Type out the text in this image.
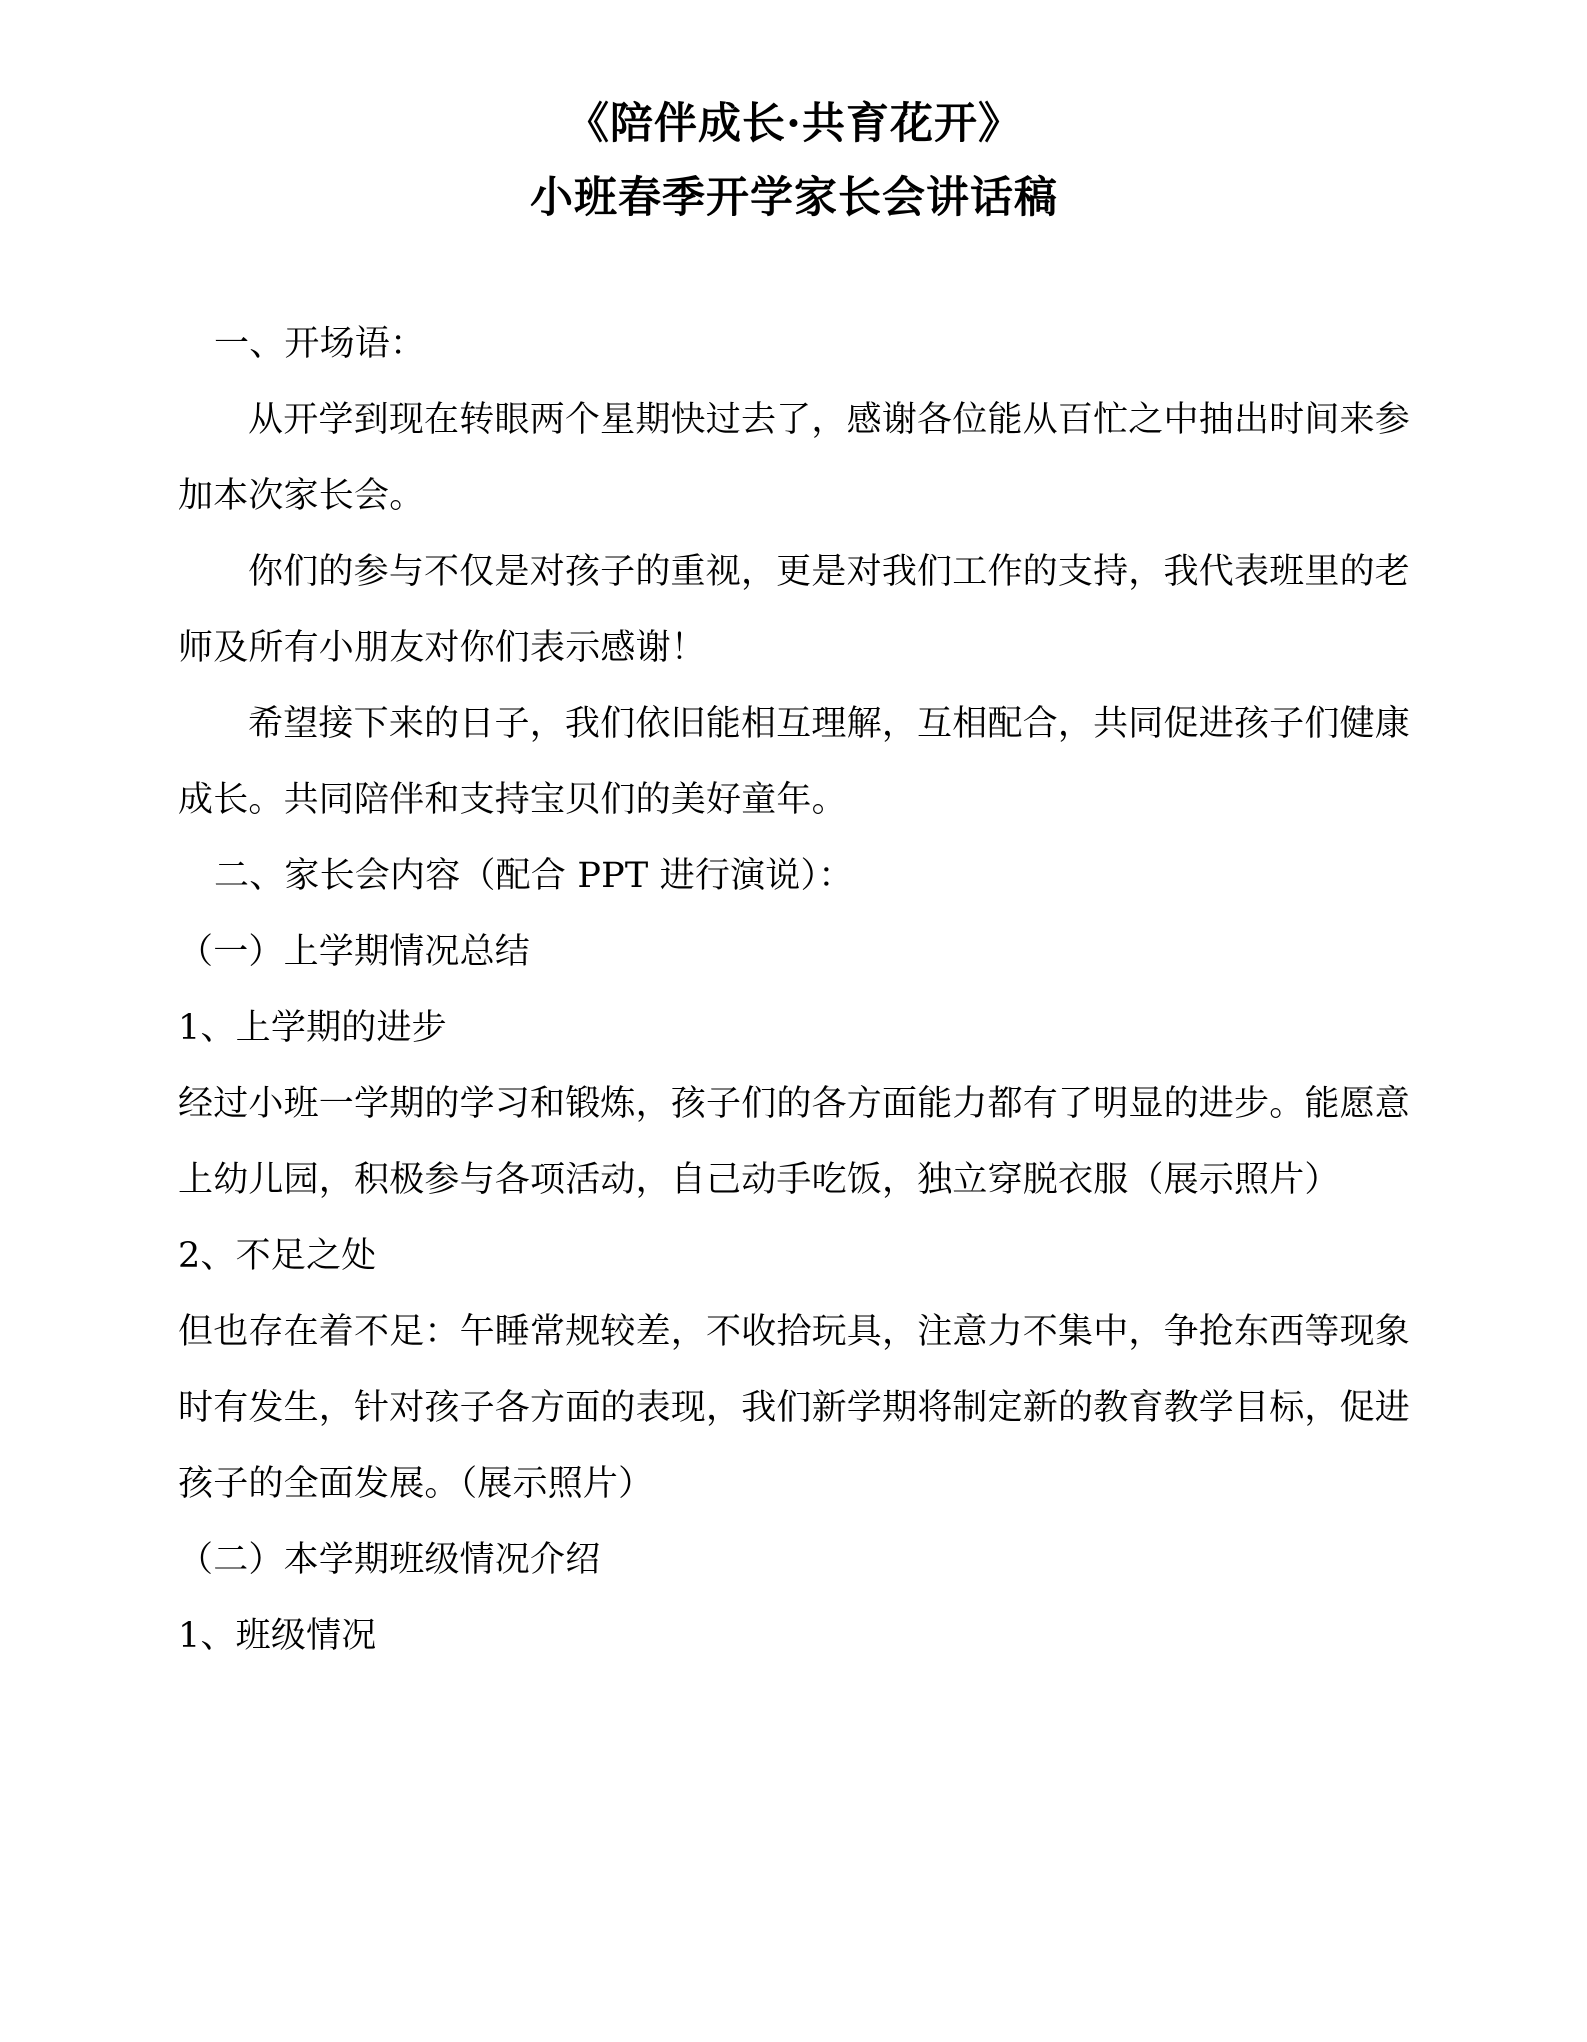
《陪伴成长·共育花开》
小班春季开学家长会讲话稿

一、开场语：

从开学到现在转眼两个星期快过去了，感谢各位能从百忙之中抽出时间来参加本次家长会。

你们的参与不仅是对孩子的重视，更是对我们工作的支持，我代表班里的老师及所有小朋友对你们表示感谢！

希望接下来的日子，我们依旧能相互理解，互相配合，共同促进孩子们健康成长。共同陪伴和支持宝贝们的美好童年。

二、家长会内容（配合 PPT 进行演说）：

（一）上学期情况总结

1、上学期的进步

经过小班一学期的学习和锻炼，孩子们的各方面能力都有了明显的进步。能愿意上幼儿园，积极参与各项活动，自己动手吃饭，独立穿脱衣服（展示照片）

2、不足之处

但也存在着不足：午睡常规较差，不收拾玩具，注意力不集中，争抢东西等现象时有发生，针对孩子各方面的表现，我们新学期将制定新的教育教学目标，促进孩子的全面发展。（展示照片）

（二）本学期班级情况介绍

1、班级情况
